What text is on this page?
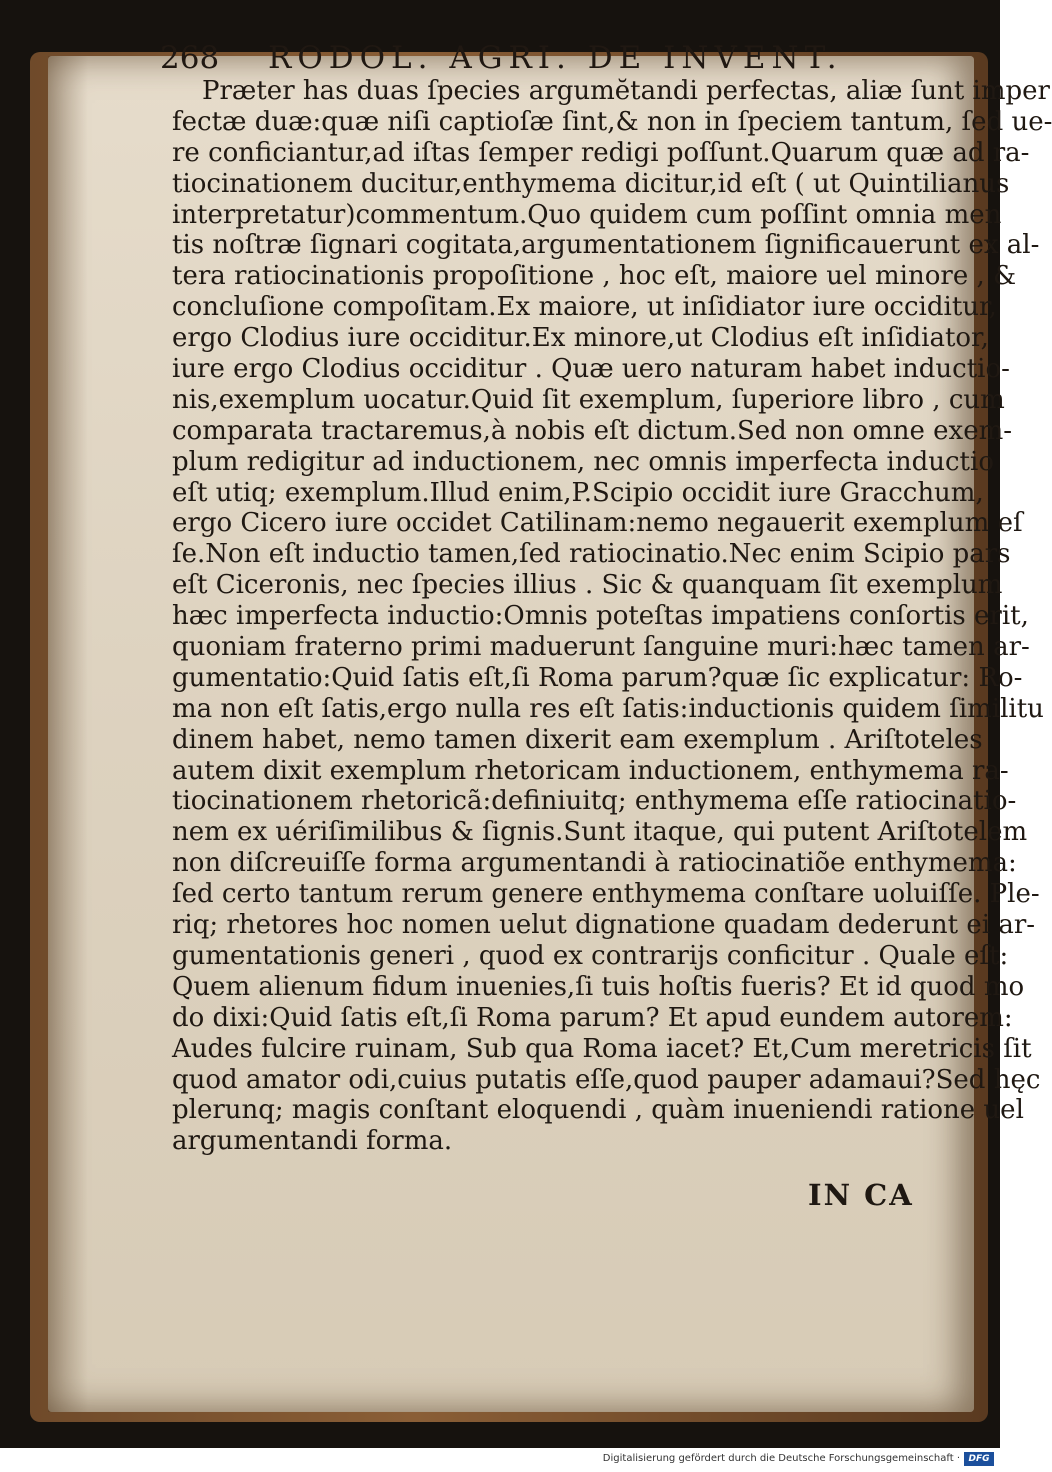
268 RODOL. AGRI. DE INVENT.
Præter has duas ſpecies argumĕtandi perfectas, aliæ ſunt imper
fectæ duæ:quæ niſi captioſæ ſint,& non in ſpeciem tantum, ſed ue-
re conficiantur,ad iſtas ſemper redigi poſſunt.Quarum quæ ad ra-
tiocinationem ducitur,enthymema dicitur,id eſt ( ut Quintilianus
interpretatur)commentum.Quo quidem cum poſſint omnia men
tis noſtræ ſignari cogitata,argumentationem ſignificauerunt ex al-
tera ratiocinationis propoſitione , hoc eſt, maiore uel minore , &
concluſione compoſitam.Ex maiore, ut inſidiator iure occiditur,
ergo Clodius iure occiditur.Ex minore,ut Clodius eſt inſidiator,
iure ergo Clodius occiditur . Quæ uero naturam habet inductio-
nis,exemplum uocatur.Quid ſit exemplum, ſuperiore libro , cum
comparata tractaremus,à nobis eſt dictum.Sed non omne exem-
plum redigitur ad inductionem, nec omnis imperfecta inductio
eſt utiq; exemplum.Illud enim,P.Scipio occidit iure Gracchum,
ergo Cicero iure occidet Catilinam:nemo negauerit exemplum eſ
ſe.Non eſt inductio tamen,ſed ratiocinatio.Nec enim Scipio pars
eſt Ciceronis, nec ſpecies illius . Sic & quanquam ſit exemplum
hæc imperfecta inductio:Omnis poteſtas impatiens conſortis erit,
quoniam fraterno primi maduerunt ſanguine muri:hæc tamen ar-
gumentatio:Quid ſatis eſt,ſi Roma parum?quæ ſic explicatur: Ro-
ma non eſt ſatis,ergo nulla res eſt ſatis:inductionis quidem ſimilitu
dinem habet, nemo tamen dixerit eam exemplum . Ariſtoteles
autem dixit exemplum rhetoricam inductionem, enthymema ra-
tiocinationem rhetoricã:definiuitq; enthymema eſſe ratiocinatio-
nem ex uériſimilibus & ſignis.Sunt itaque, qui putent Ariſtotelem
non diſcreuiſſe forma argumentandi à ratiocinatiõe enthymema:
ſed certo tantum rerum genere enthymema conſtare uoluiſſe. Ple-
riq; rhetores hoc nomen uelut dignatione quadam dederunt ei ar-
gumentationis generi , quod ex contrarijs conficitur . Quale eſt:
Quem alienum fidum inuenies,ſi tuis hoſtis fueris? Et id quod mo
do dixi:Quid ſatis eſt,ſi Roma parum? Et apud eundem autorem:
Audes fulcire ruinam, Sub qua Roma iacet? Et,Cum meretricis ſit
quod amator odi,cuius putatis eſſe,quod pauper adamaui?Sed hęc
plerunq; magis conſtant eloquendi , quàm inueniendi ratione uel
argumentandi forma.
IN CA
Digitalisierung gefördert durch die Deutsche Forschungsgemeinschaft · DFG
